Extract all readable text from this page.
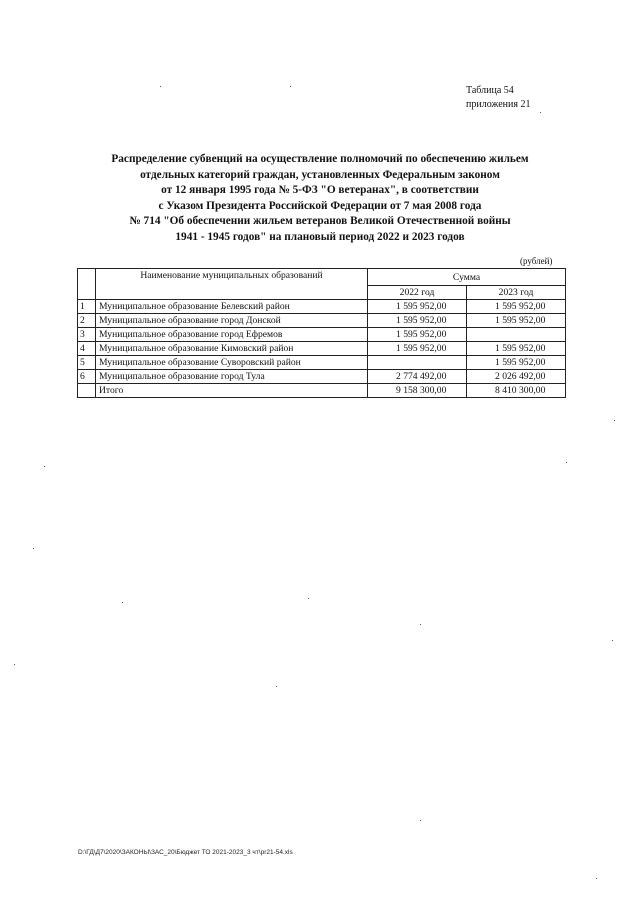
Таблица 54
приложения 21
Распределение субвенций на осуществление полномочий по обеспечению жильем
отдельных категорий граждан, установленных Федеральным законом
от 12 января 1995 года № 5-ФЗ "О ветеранах", в соответствии
с Указом Президента Российской Федерации от 7 мая 2008 года
№ 714 "Об обеспечении жильем ветеранов Великой Отечественной войны
1941 - 1945 годов" на плановый период 2022 и 2023 годов
(рублей)
	Наименование муниципальных образований	Сумма	
		2022 год	2023 год
1	Муниципальное образование Белевский район	1 595 952,00	1 595 952,00
2	Муниципальное образование город Донской	1 595 952,00	1 595 952,00
3	Муниципальное образование город Ефремов	1 595 952,00	
4	Муниципальное образование Кимовский район	1 595 952,00	1 595 952,00
5	Муниципальное образование Суворовский район		1 595 952,00
6	Муниципальное образование город Тула	2 774 492,00	2 026 492,00
	Итого	9 158 300,00	8 410 300,00
D:\ГД\Д7\2020\ЗАКОНЫ\ЗАС_20\Бюджет ТО 2021-2023_3 чт\pr21-54.xls
